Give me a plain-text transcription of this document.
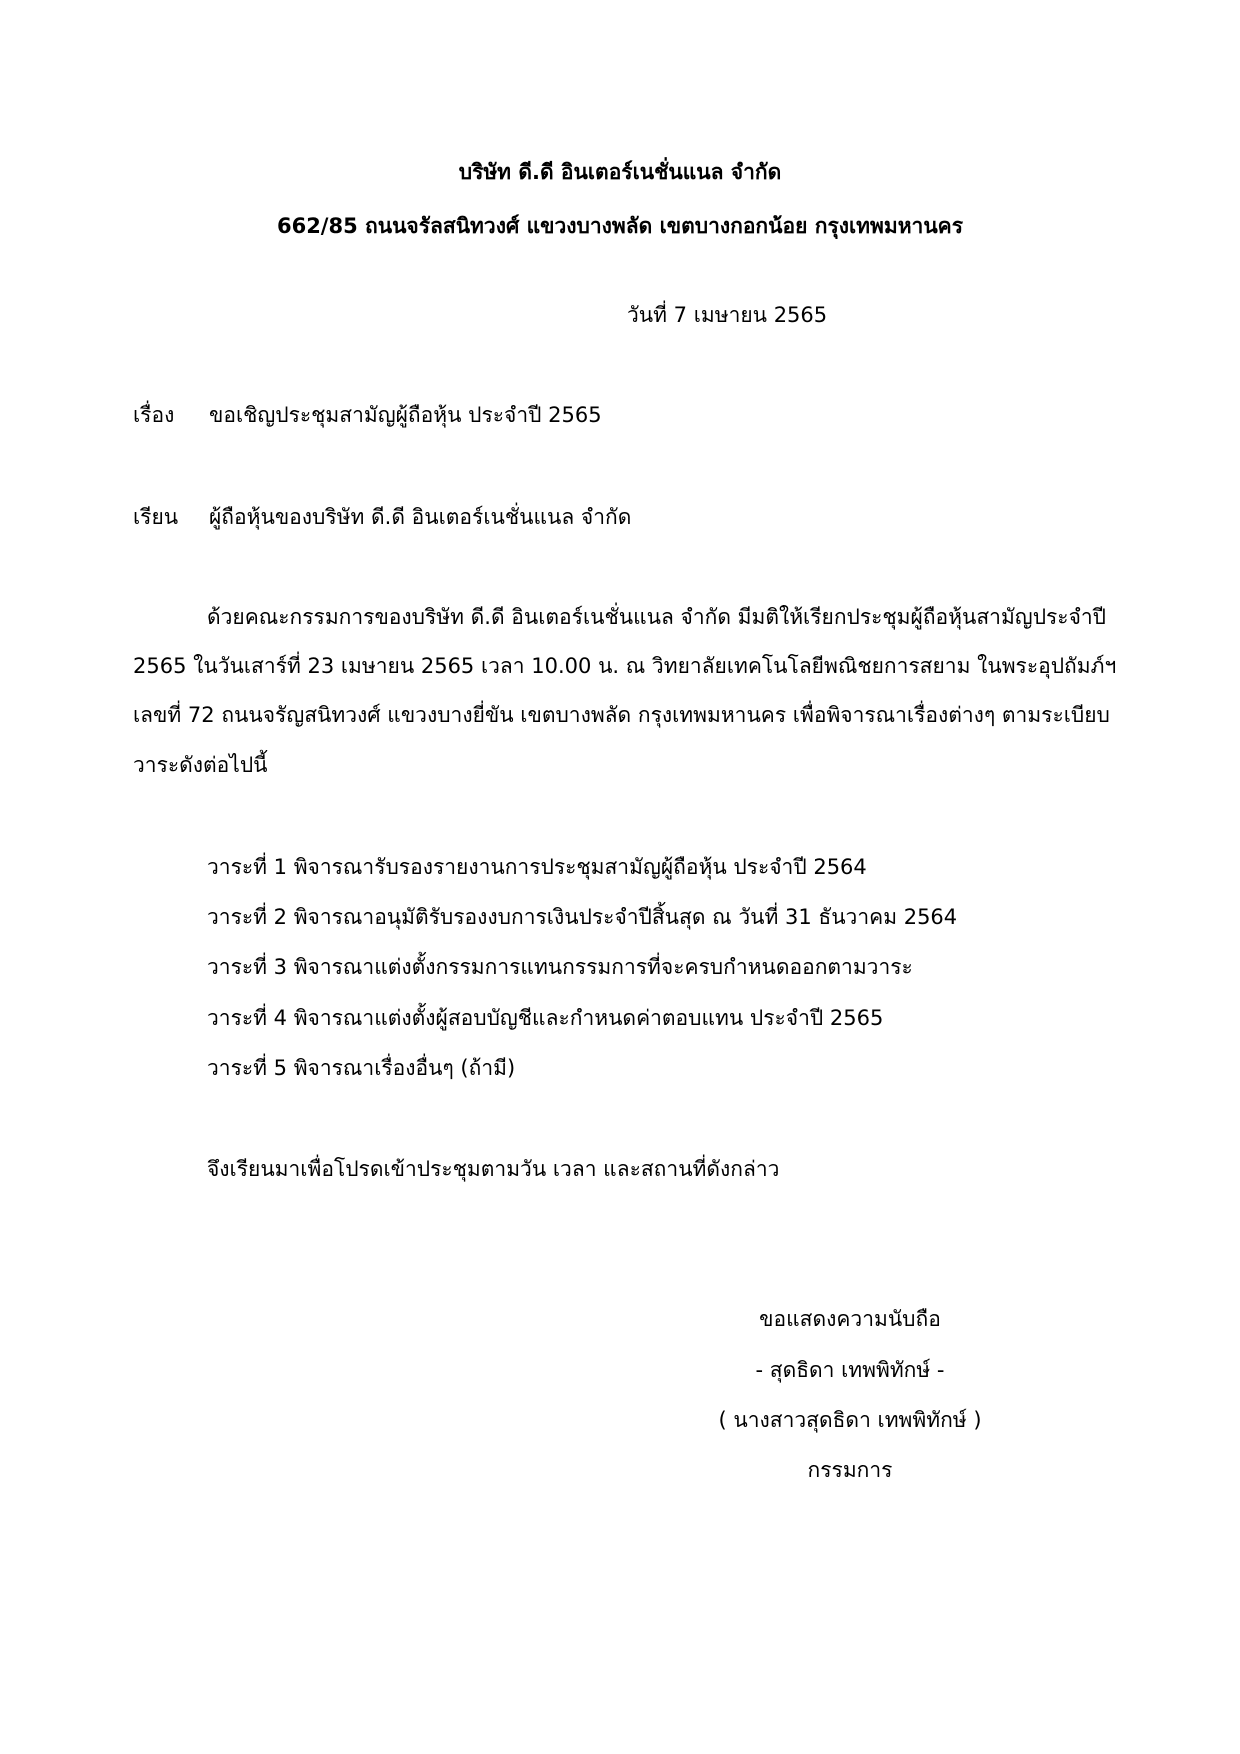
บริษัท ดี.ดี อินเตอร์เนชั่นแนล จำกัด
662/85 ถนนจรัลสนิทวงศ์ แขวงบางพลัด เขตบางกอกน้อย กรุงเทพมหานคร
วันที่ 7 เมษายน 2565
เรื่อง ขอเชิญประชุมสามัญผู้ถือหุ้น ประจำปี 2565
เรียน ผู้ถือหุ้นของบริษัท ดี.ดี อินเตอร์เนชั่นแนล จำกัด
ด้วยคณะกรรมการของบริษัท ดี.ดี อินเตอร์เนชั่นแนล จำกัด มีมติให้เรียกประชุมผู้ถือหุ้นสามัญประจำปี
2565 ในวันเสาร์ที่ 23 เมษายน 2565 เวลา 10.00 น. ณ วิทยาลัยเทคโนโลยีพณิชยการสยาม ในพระอุปถัมภ์ฯ
เลขที่ 72 ถนนจรัญสนิทวงศ์ แขวงบางยี่ขัน เขตบางพลัด กรุงเทพมหานคร เพื่อพิจารณาเรื่องต่างๆ ตามระเบียบ
วาระดังต่อไปนี้
วาระที่ 1 พิจารณารับรองรายงานการประชุมสามัญผู้ถือหุ้น ประจำปี 2564
วาระที่ 2 พิจารณาอนุมัติรับรองงบการเงินประจำปีสิ้นสุด ณ วันที่ 31 ธันวาคม 2564
วาระที่ 3 พิจารณาแต่งตั้งกรรมการแทนกรรมการที่จะครบกำหนดออกตามวาระ
วาระที่ 4 พิจารณาแต่งตั้งผู้สอบบัญชีและกำหนดค่าตอบแทน ประจำปี 2565
วาระที่ 5 พิจารณาเรื่องอื่นๆ (ถ้ามี)
จึงเรียนมาเพื่อโปรดเข้าประชุมตามวัน เวลา และสถานที่ดังกล่าว
ขอแสดงความนับถือ
- สุดธิดา เทพพิทักษ์ -
( นางสาวสุดธิดา เทพพิทักษ์ )
กรรมการ
